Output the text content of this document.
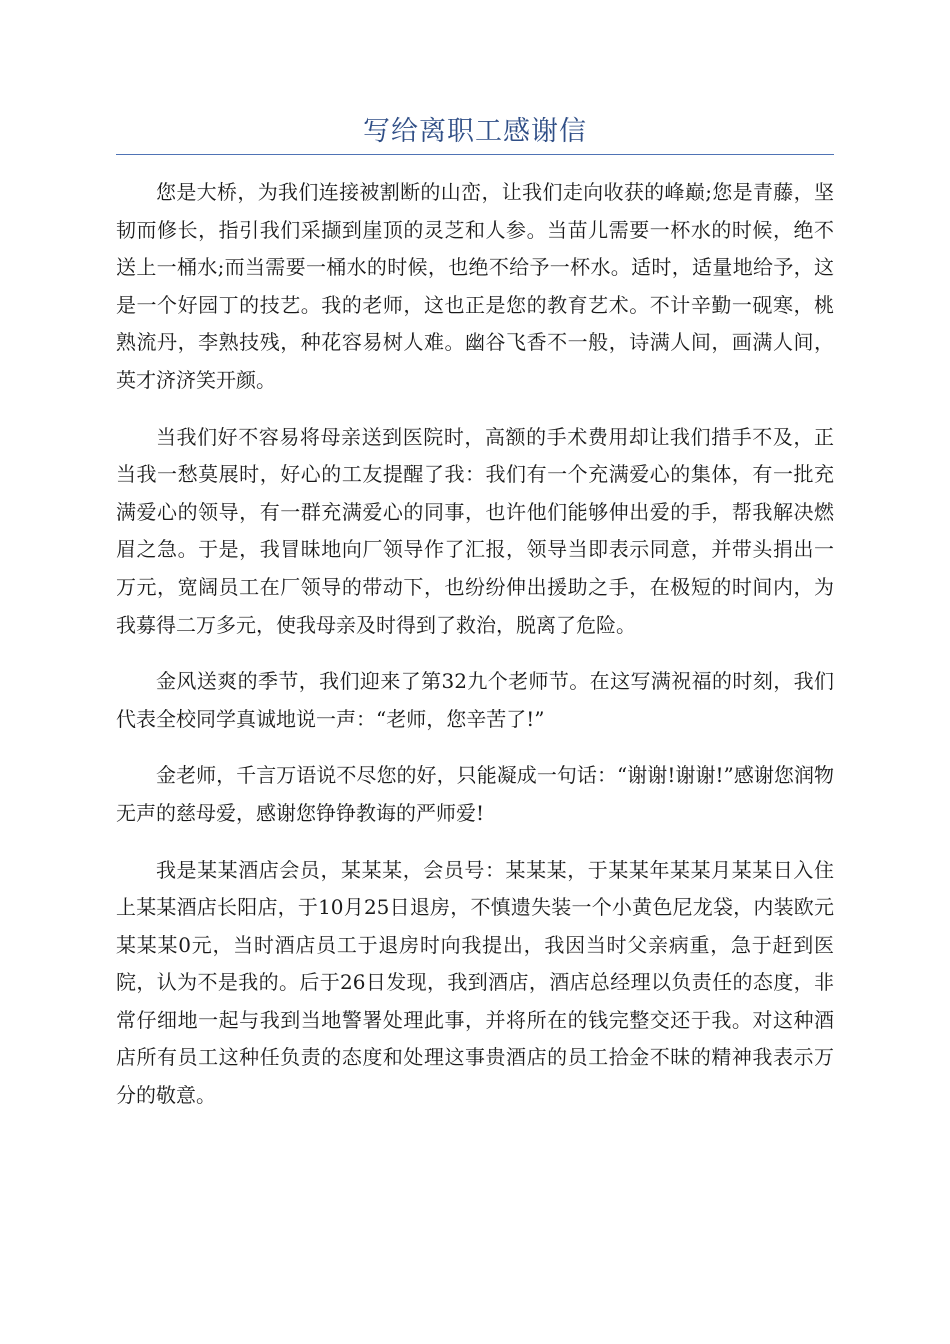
写给离职工感谢信

您是大桥，为我们连接被割断的山峦，让我们走向收获的峰巅;您是青藤，坚韧而修长，指引我们采撷到崖顶的灵芝和人参。当苗儿需要一杯水的时候，绝不送上一桶水;而当需要一桶水的时候，也绝不给予一杯水。适时，适量地给予，这是一个好园丁的技艺。我的老师，这也正是您的教育艺术。不计辛勤一砚寒，桃熟流丹，李熟技残，种花容易树人难。幽谷飞香不一般，诗满人间，画满人间，英才济济笑开颜。

当我们好不容易将母亲送到医院时，高额的手术费用却让我们措手不及，正当我一愁莫展时，好心的工友提醒了我：我们有一个充满爱心的集体，有一批充满爱心的领导，有一群充满爱心的同事，也许他们能够伸出爱的手，帮我解决燃眉之急。于是，我冒昧地向厂领导作了汇报，领导当即表示同意，并带头捐出一万元，宽阔员工在厂领导的带动下，也纷纷伸出援助之手，在极短的时间内，为我募得二万多元，使我母亲及时得到了救治，脱离了危险。

金风送爽的季节，我们迎来了第32九个老师节。在这写满祝福的时刻，我们代表全校同学真诚地说一声：“老师，您辛苦了!”

金老师，千言万语说不尽您的好，只能凝成一句话：“谢谢!谢谢!”感谢您润物无声的慈母爱，感谢您铮铮教诲的严师爱!

我是某某酒店会员，某某某，会员号：某某某，于某某年某某月某某日入住上某某酒店长阳店，于10月25日退房，不慎遗失装一个小黄色尼龙袋，内装欧元某某某0元，当时酒店员工于退房时向我提出，我因当时父亲病重，急于赶到医院，认为不是我的。后于26日发现，我到酒店，酒店总经理以负责任的态度，非常仔细地一起与我到当地警署处理此事，并将所在的钱完整交还于我。对这种酒店所有员工这种任负责的态度和处理这事贵酒店的员工拾金不昧的精神我表示万分的敬意。
